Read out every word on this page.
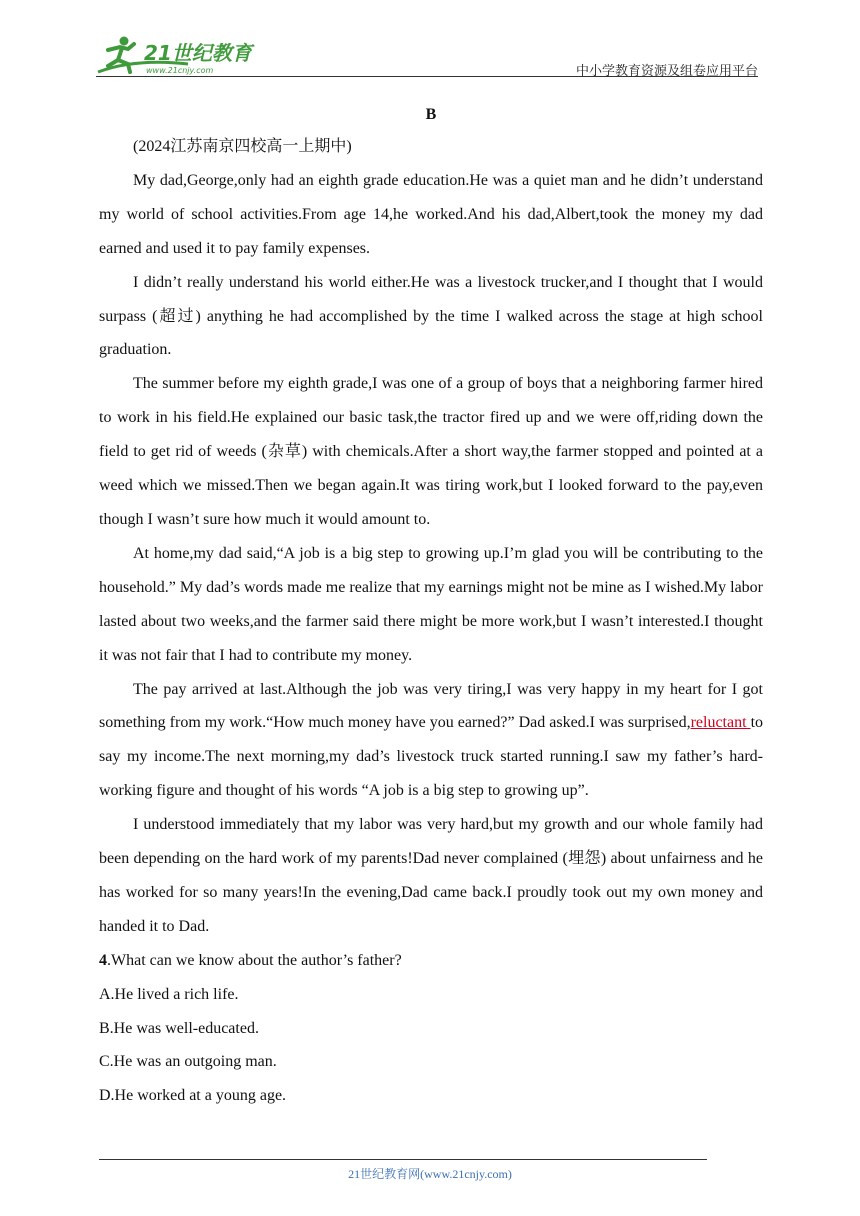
21世纪教育
www.21cnjy.com	中小学教育资源及组卷应用平台
B

(2024江苏南京四校高一上期中)

My dad,George,only had an eighth grade education.He was a quiet man and he didn’t understand my world of school activities.From age 14,he worked.And his dad,Albert,took the money my dad earned and used it to pay family expenses.

I didn’t really understand his world either.He was a livestock trucker,and I thought that I would surpass (超过) anything he had accomplished by the time I walked across the stage at high school graduation.

The summer before my eighth grade,I was one of a group of boys that a neighboring farmer hired to work in his field.He explained our basic task,the tractor fired up and we were off,riding down the field to get rid of weeds (杂草) with chemicals.After a short way,the farmer stopped and pointed at a weed which we missed.Then we began again.It was tiring work,but I looked forward to the pay,even though I wasn’t sure how much it would amount to.

At home,my dad said,“A job is a big step to growing up.I’m glad you will be contributing to the household.” My dad’s words made me realize that my earnings might not be mine as I wished.My labor lasted about two weeks,and the farmer said there might be more work,but I wasn’t interested.I thought it was not fair that I had to contribute my money.

The pay arrived at last.Although the job was very tiring,I was very happy in my heart for I got something from my work.“How much money have you earned?” Dad asked.I was surprised,reluctant to say my income.The next morning,my dad’s livestock truck started running.I saw my father’s hard-working figure and thought of his words “A job is a big step to growing up”.

I understood immediately that my labor was very hard,but my growth and our whole family had been depending on the hard work of my parents!Dad never complained (埋怨) about unfairness and he has worked for so many years!In the evening,Dad came back.I proudly took out my own money and handed it to Dad.

4.What can we know about the author’s father?

A.He lived a rich life.

B.He was well-educated.

C.He was an outgoing man.

D.He worked at a young age.

21世纪教育网(www.21cnjy.com)
